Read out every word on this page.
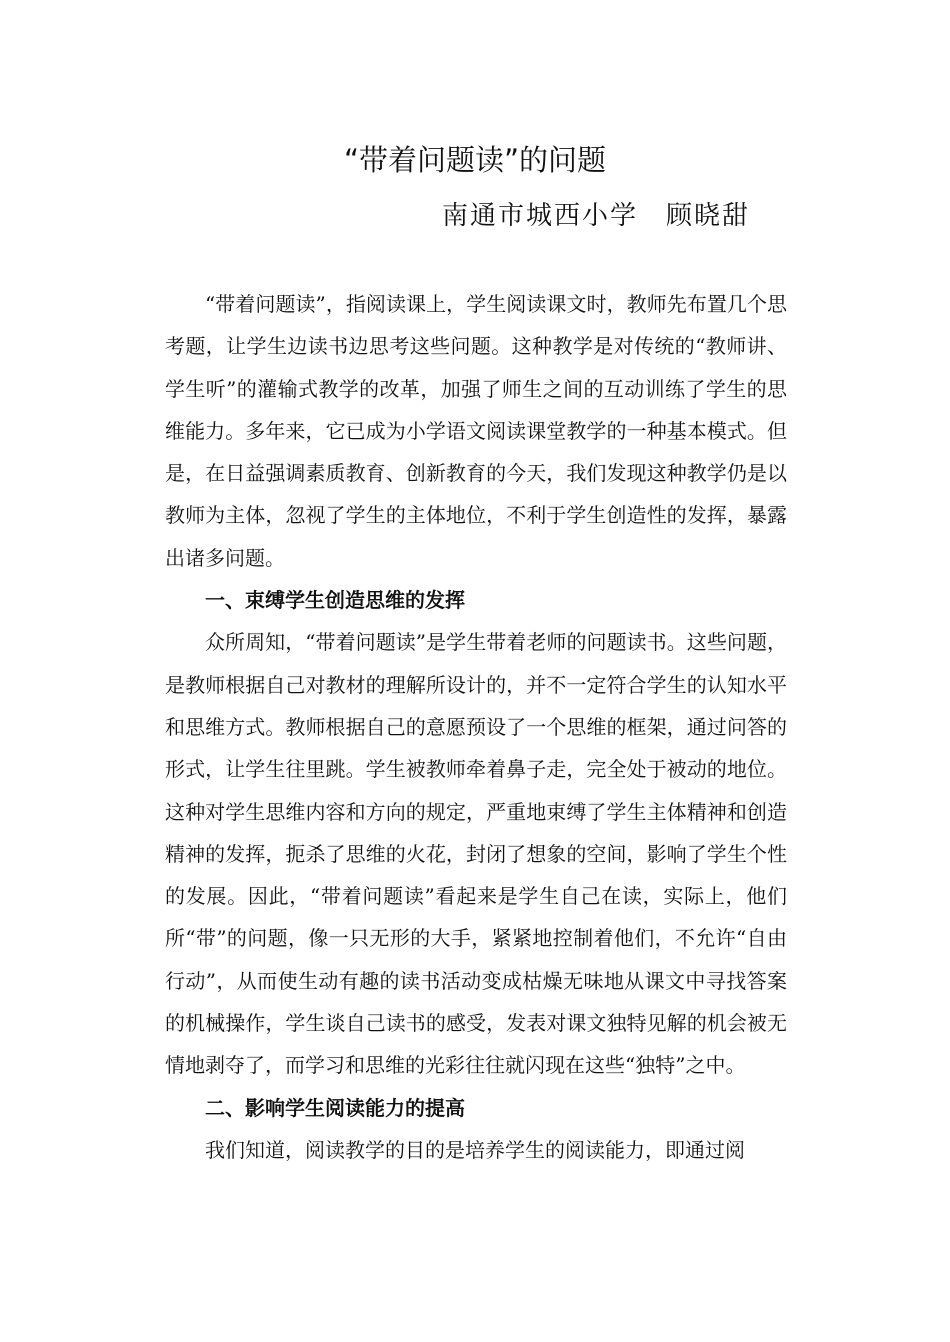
“带着问题读”的问题
南通市城西小学 顾晓甜

“带着问题读”，指阅读课上，学生阅读课文时，教师先布置几个思考题，让学生边读书边思考这些问题。这种教学是对传统的“教师讲、学生听”的灌输式教学的改革，加强了师生之间的互动训练了学生的思维能力。多年来，它已成为小学语文阅读课堂教学的一种基本模式。但是，在日益强调素质教育、创新教育的今天，我们发现这种教学仍是以教师为主体，忽视了学生的主体地位，不利于学生创造性的发挥，暴露出诸多问题。

一、束缚学生创造思维的发挥

众所周知，“带着问题读”是学生带着老师的问题读书。这些问题，是教师根据自己对教材的理解所设计的，并不一定符合学生的认知水平和思维方式。教师根据自己的意愿预设了一个思维的框架，通过问答的形式，让学生往里跳。学生被教师牵着鼻子走，完全处于被动的地位。这种对学生思维内容和方向的规定，严重地束缚了学生主体精神和创造精神的发挥，扼杀了思维的火花，封闭了想象的空间，影响了学生个性的发展。因此，“带着问题读”看起来是学生自己在读，实际上，他们所“带”的问题，像一只无形的大手，紧紧地控制着他们，不允许“自由行动”，从而使生动有趣的读书活动变成枯燥无味地从课文中寻找答案的机械操作，学生谈自己读书的感受，发表对课文独特见解的机会被无情地剥夺了，而学习和思维的光彩往往就闪现在这些“独特”之中。

二、影响学生阅读能力的提高

我们知道，阅读教学的目的是培养学生的阅读能力，即通过阅
